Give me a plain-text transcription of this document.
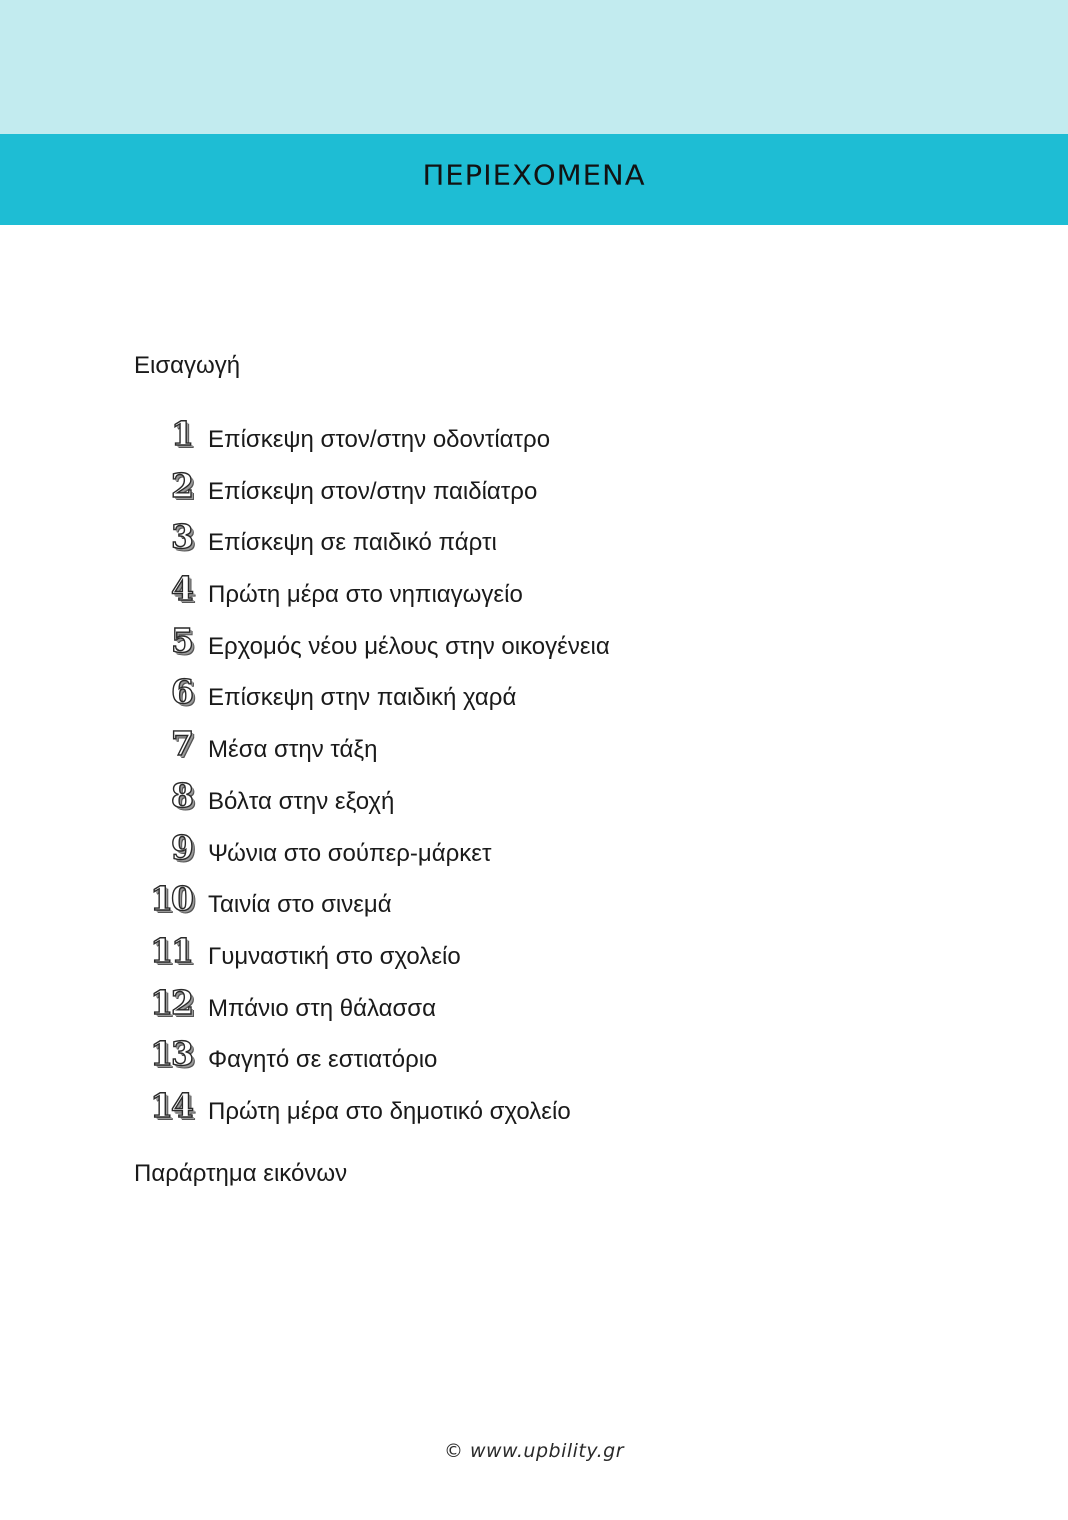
ΠΕΡΙΕΧΟΜΕΝΑ
Εισαγωγή
1 Επίσκεψη στον/στην οδοντίατρο
2 Επίσκεψη στον/στην παιδίατρο
3 Επίσκεψη σε παιδικό πάρτι
4 Πρώτη μέρα στο νηπιαγωγείο
5 Ερχομός νέου μέλους στην οικογένεια
6 Επίσκεψη στην παιδική χαρά
7 Μέσα στην τάξη
8 Βόλτα στην εξοχή
9 Ψώνια στο σούπερ-μάρκετ
10 Ταινία στο σινεμά
11 Γυμναστική στο σχολείο
12 Μπάνιο στη θάλασσα
13 Φαγητό σε εστιατόριο
14 Πρώτη μέρα στο δημοτικό σχολείο
Παράρτημα εικόνων
© www.upbility.gr
